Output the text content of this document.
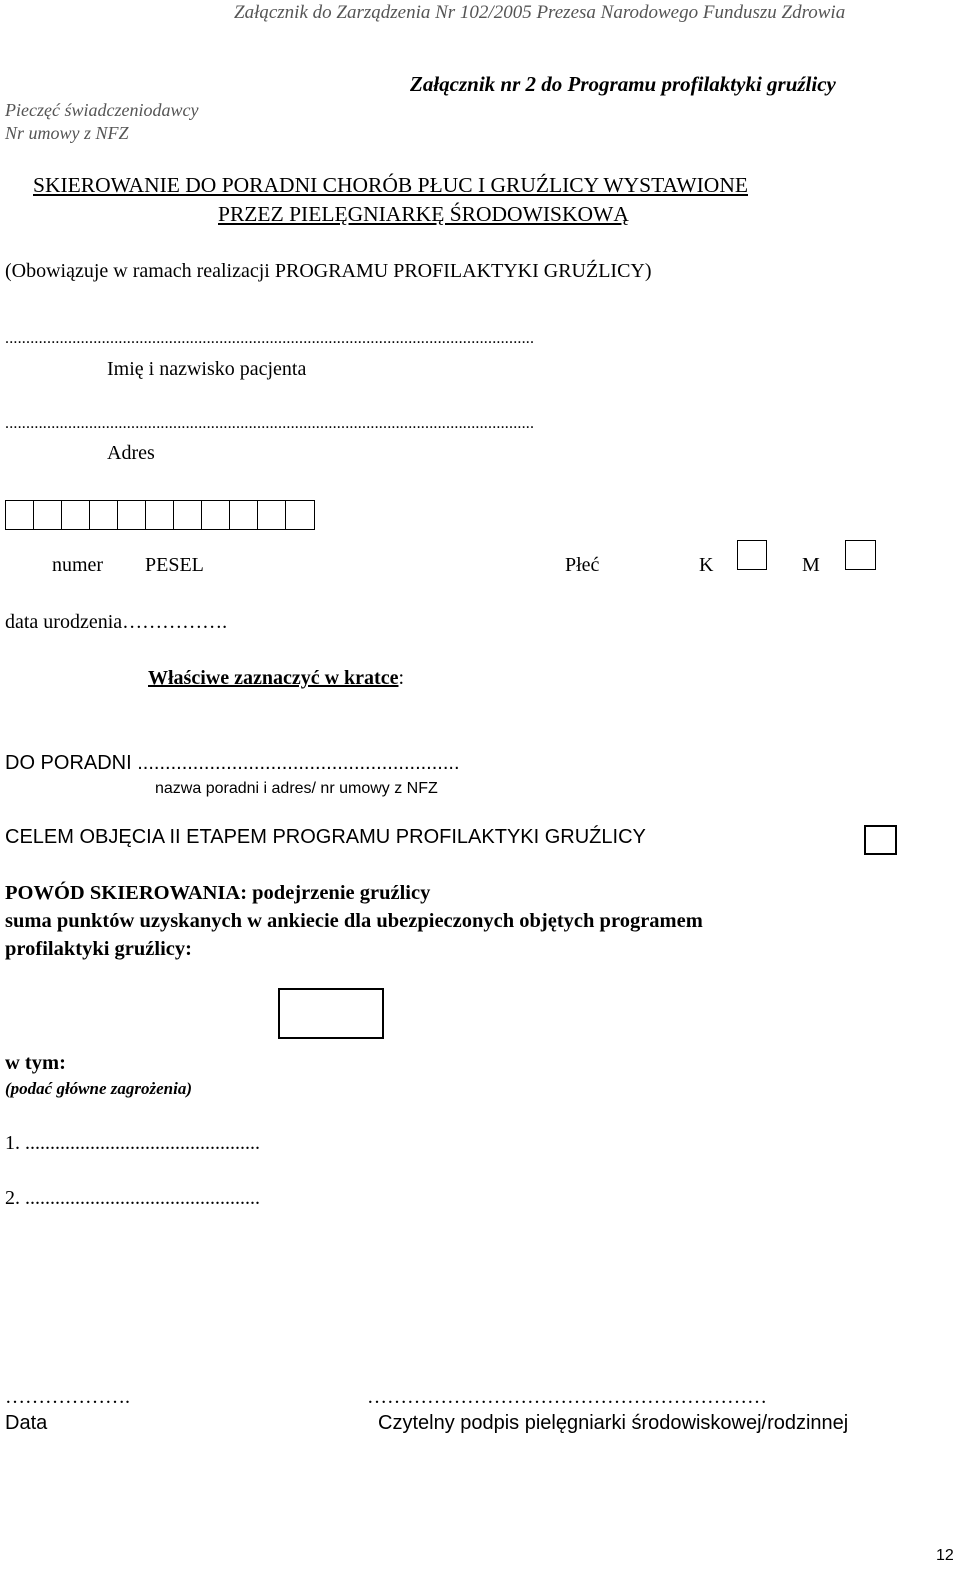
Załącznik do Zarządzenia Nr 102/2005 Prezesa Narodowego Funduszu Zdrowia
Załącznik nr 2 do Programu profilaktyki gruźlicy
Pieczęć świadczeniodawcy
Nr umowy z NFZ
SKIEROWANIE DO PORADNI CHORÓB PŁUC I GRUŹLICY WYSTAWIONE
PRZEZ PIELĘGNIARKĘ ŚRODOWISKOWĄ
(Obowiązuje w ramach realizacji PROGRAMU PROFILAKTYKI GRUŹLICY)
..............................................................................................................................
Imię i nazwisko pacjenta
..............................................................................................................................
Adres
numer PESEL	Płeć	K	M
data urodzenia…………….
Właściwe zaznaczyć w kratce:
DO PORADNI ..........................................................
nazwa poradni i adres/ nr umowy z NFZ
CELEM OBJĘCIA II ETAPEM PROGRAMU PROFILAKTYKI GRUŹLICY
POWÓD SKIEROWANIA: podejrzenie gruźlicy
suma punktów uzyskanych w ankiecie dla ubezpieczonych objętych programem
profilaktyki gruźlicy:
w tym:
(podać główne zagrożenia)
1. ...............................................
2. ...............................................
……………….
Data
……………………………………………………
Czytelny podpis pielęgniarki środowiskowej/rodzinnej
12
